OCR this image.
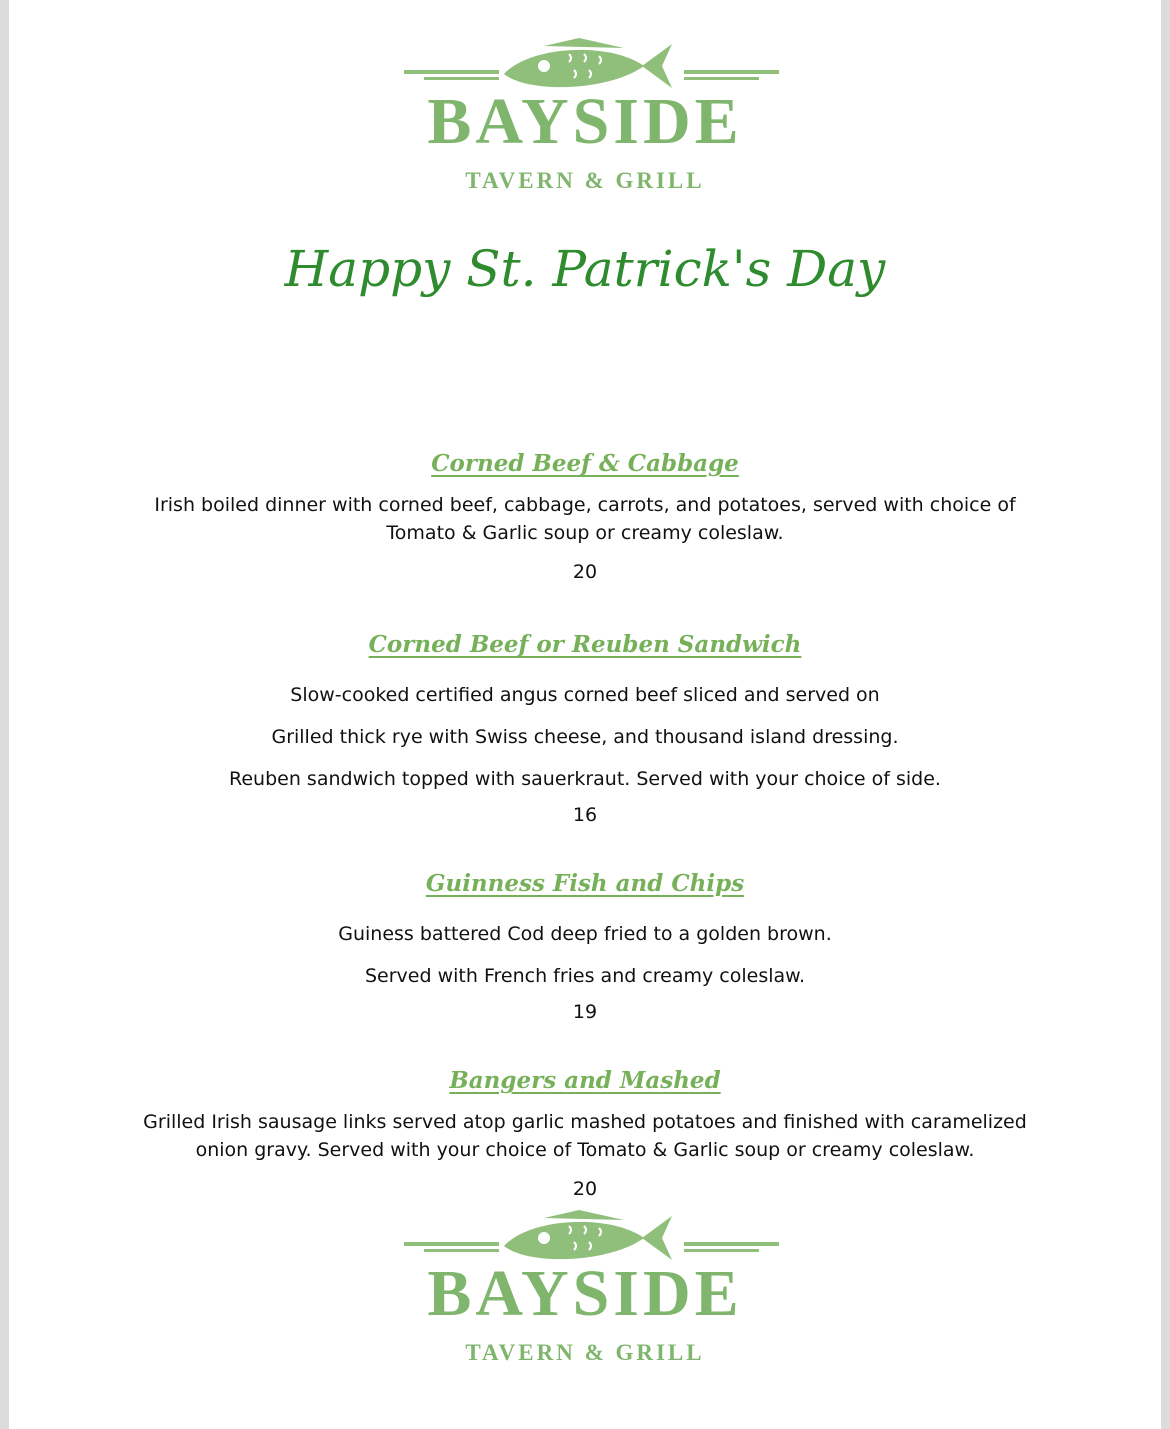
BAYSIDE
TAVERN & GRILL
Happy St. Patrick's Day
Corned Beef & Cabbage
Irish boiled dinner with corned beef, cabbage, carrots, and potatoes, served with choice of
Tomato & Garlic soup or creamy coleslaw.
20
Corned Beef or Reuben Sandwich
Slow-cooked certified angus corned beef sliced and served on
Grilled thick rye with Swiss cheese, and thousand island dressing.
Reuben sandwich topped with sauerkraut. Served with your choice of side.
16
Guinness Fish and Chips
Guiness battered Cod deep fried to a golden brown.
Served with French fries and creamy coleslaw.
19
Bangers and Mashed
Grilled Irish sausage links served atop garlic mashed potatoes and finished with caramelized
onion gravy. Served with your choice of Tomato & Garlic soup or creamy coleslaw.
20
BAYSIDE
TAVERN & GRILL
